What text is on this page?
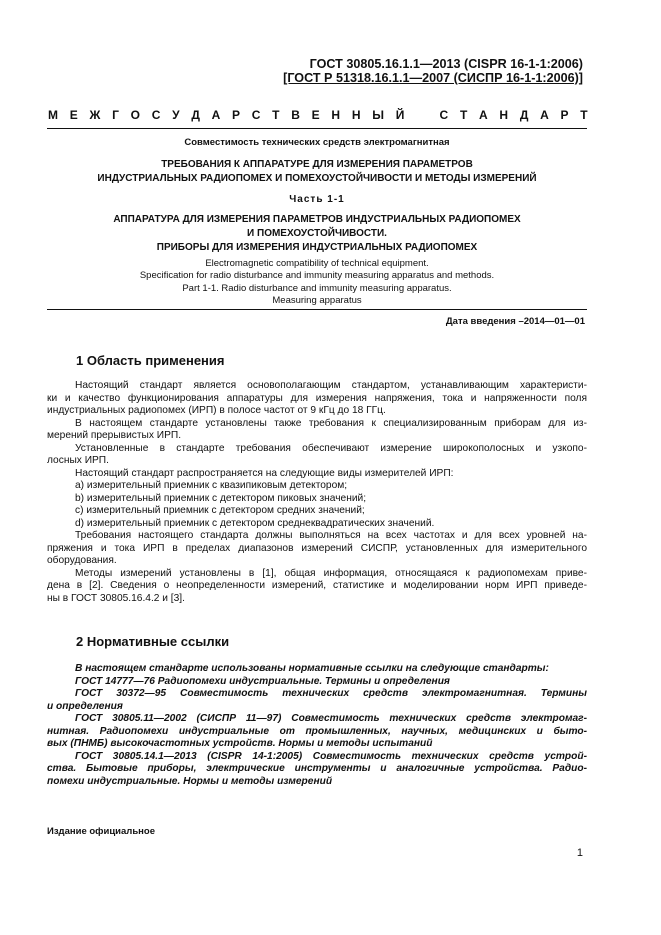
ГОСТ 30805.16.1.1—2013 (CISPR 16-1-1:2006)
[ГОСТ Р 51318.16.1.1—2007 (СИСПР 16-1-1:2006)]
М Е Ж Г О С У Д А Р С Т В Е Н Н Ы Й	С Т А Н Д А Р Т
Совместимость технических средств электромагнитная
ТРЕБОВАНИЯ К АППАРАТУРЕ ДЛЯ ИЗМЕРЕНИЯ ПАРАМЕТРОВ
ИНДУСТРИАЛЬНЫХ РАДИОПОМЕХ И ПОМЕХОУСТОЙЧИВОСТИ И МЕТОДЫ ИЗМЕРЕНИЙ
Часть 1-1
АППАРАТУРА ДЛЯ ИЗМЕРЕНИЯ ПАРАМЕТРОВ ИНДУСТРИАЛЬНЫХ РАДИОПОМЕХ
И ПОМЕХОУСТОЙЧИВОСТИ.
ПРИБОРЫ ДЛЯ ИЗМЕРЕНИЯ ИНДУСТРИАЛЬНЫХ РАДИОПОМЕХ
Electromagnetic compatibility of technical equipment.
Specification for radio disturbance and immunity measuring apparatus and methods.
Part 1-1. Radio disturbance and immunity measuring apparatus.
Measuring apparatus
Дата введения –2014—01—01
1 Область применения
Настоящий стандарт является основополагающим стандартом, устанавливающим характеристи-
ки и качество функционирования аппаратуры для измерения напряжения, тока и напряженности поля
индустриальных радиопомех (ИРП) в полосе частот от 9 кГц до 18 ГГц.
В настоящем стандарте установлены также требования к специализированным приборам для из-
мерений прерывистых ИРП.
Установленные в стандарте требования обеспечивают измерение широкополосных и узкопо-
лосных ИРП.
Настоящий стандарт распространяется на следующие виды измерителей ИРП:
a) измерительный приемник с квазипиковым детектором;
b) измерительный приемник с детектором пиковых значений;
c) измерительный приемник с детектором средних значений;
d) измерительный приемник с детектором среднеквадратических значений.
Требования настоящего стандарта должны выполняться на всех частотах и для всех уровней на-
пряжения и тока ИРП в пределах диапазонов измерений СИСПР, установленных для измерительного
оборудования.
Методы измерений установлены в [1], общая информация, относящаяся к радиопомехам приве-
дена в [2]. Сведения о неопределенности измерений, статистике и моделировании норм ИРП приведе-
ны в ГОСТ 30805.16.4.2 и [3].
2 Нормативные ссылки
В настоящем стандарте использованы нормативные ссылки на следующие стандарты:
ГОСТ 14777—76 Радиопомехи индустриальные. Термины и определения
ГОСТ 30372—95 Совместимость технических средств электромагнитная. Термины
и определения
ГОСТ 30805.11—2002 (СИСПР 11—97) Совместимость технических средств электромаг-
нитная. Радиопомехи индустриальные от промышленных, научных, медицинских и быто-
вых (ПНМБ) высокочастотных устройств. Нормы и методы испытаний
ГОСТ 30805.14.1—2013 (CISPR 14-1:2005) Совместимость технических средств устрой-
ства. Бытовые приборы, электрические инструменты и аналогичные устройства. Радио-
помехи индустриальные. Нормы и методы измерений
Издание официальное
1
